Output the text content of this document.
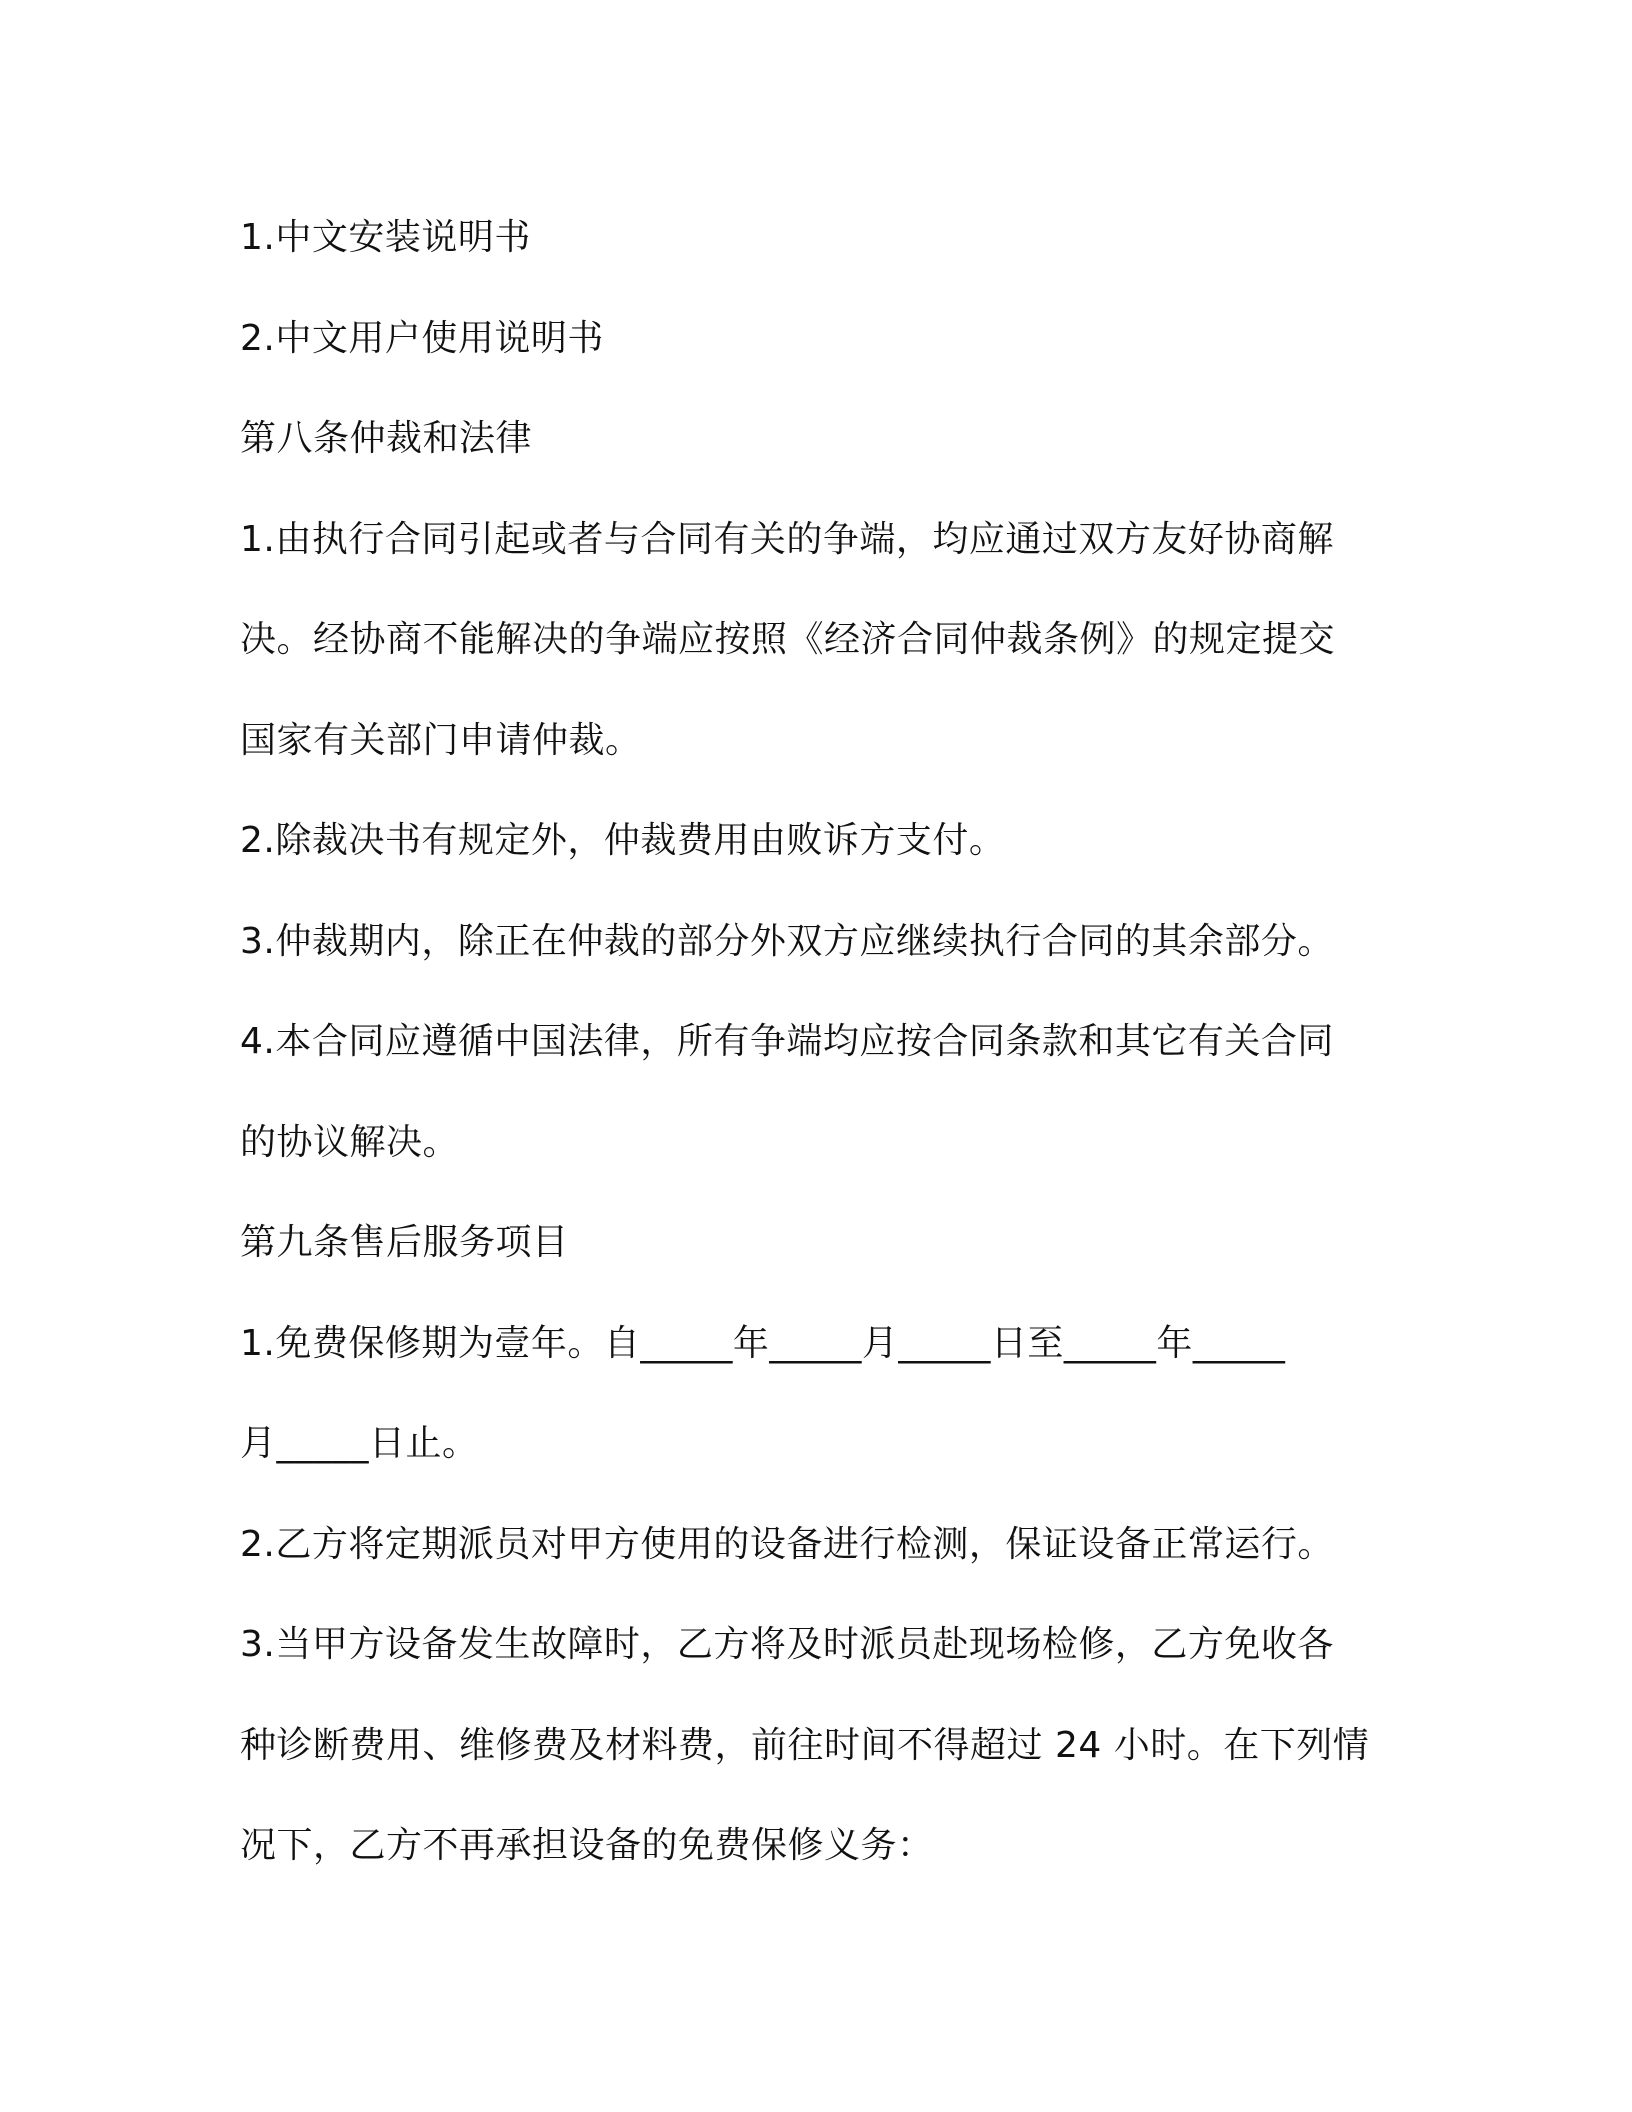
1.中文安装说明书
2.中文用户使用说明书
第八条仲裁和法律
1.由执行合同引起或者与合同有关的争端，均应通过双方友好协商解
决。经协商不能解决的争端应按照《经济合同仲裁条例》的规定提交
国家有关部门申请仲裁。
2.除裁决书有规定外，仲裁费用由败诉方支付。
3.仲裁期内，除正在仲裁的部分外双方应继续执行合同的其余部分。
4.本合同应遵循中国法律，所有争端均应按合同条款和其它有关合同
的协议解决。
第九条售后服务项目
1.免费保修期为壹年。自_____年_____月_____日至_____年_____
月_____日止。
2.乙方将定期派员对甲方使用的设备进行检测，保证设备正常运行。
3.当甲方设备发生故障时，乙方将及时派员赴现场检修，乙方免收各
种诊断费用、维修费及材料费，前往时间不得超过 24 小时。在下列情
况下，乙方不再承担设备的免费保修义务：
